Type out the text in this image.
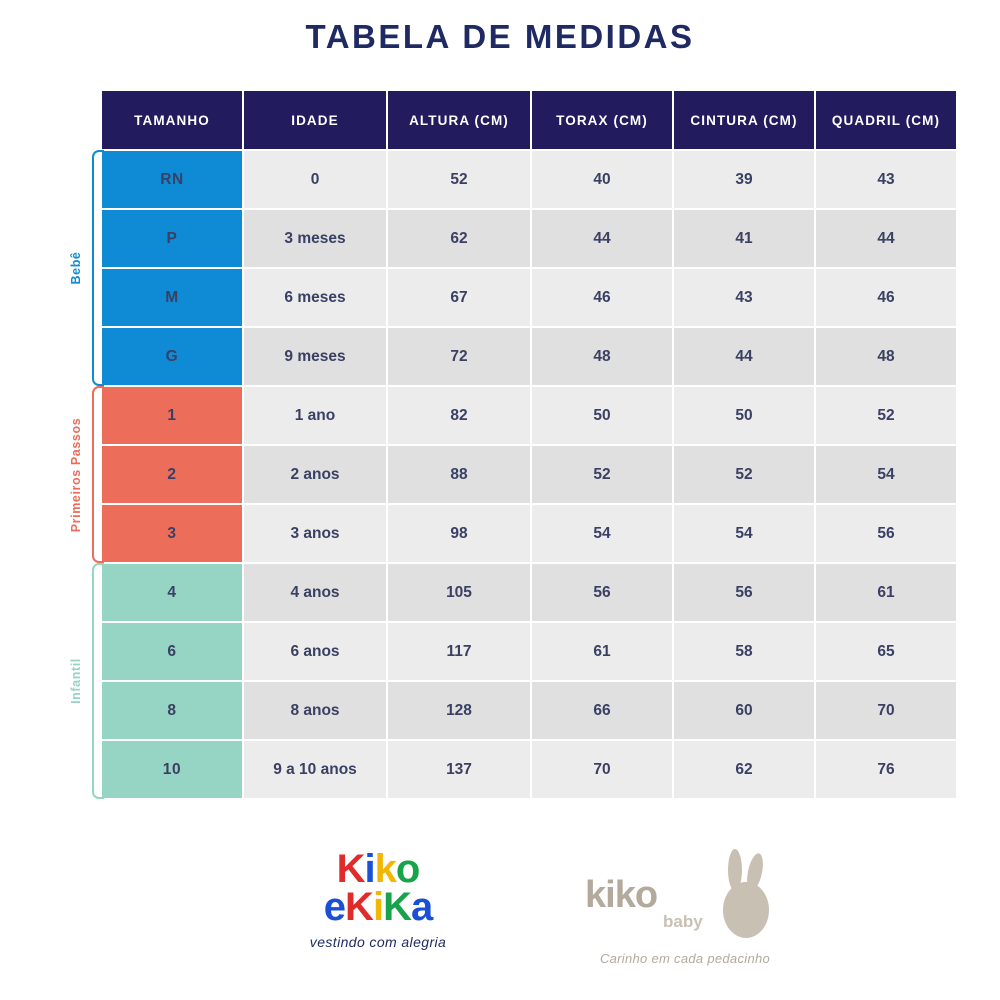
TABELA DE MEDIDAS
Bebê
Primeiros Passos
Infantil
TAMANHO	IDADE	ALTURA (CM)	TORAX (CM)	CINTURA (CM)	QUADRIL (CM)
RN	0	52	40	39	43
P	3 meses	62	44	41	44
M	6 meses	67	46	43	46
G	9 meses	72	48	44	48
1	1 ano	82	50	50	52
2	2 anos	88	52	52	54
3	3 anos	98	54	54	56
4	4 anos	105	56	56	61
6	6 anos	117	61	58	65
8	8 anos	128	66	60	70
10	9 a 10 anos	137	70	62	76
Kiko
eKiKa
vestindo com alegria
kiko
baby
Carinho em cada pedacinho
